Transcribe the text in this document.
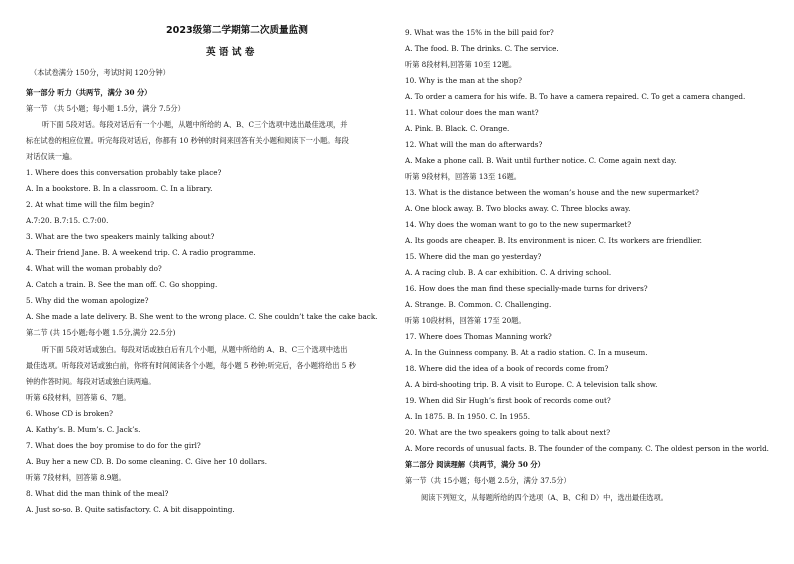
2023级第二学期第二次质量监测
英 语 试 卷
（本试卷满分 150分，考试时间 120分钟）
第一部分 听力（共两节，满分 30 分）
第一节 （共 5小题；每小题 1.5分，满分 7.5分）
听下面 5段对话。每段对话后有一个小题，从题中所给的 A、B、C三个选项中选出最佳选项，并
标在试卷的相应位置。听完每段对话后，你都有 10 秒钟的时间来回答有关小题和阅读下一小题。每段
对话仅读一遍。
1. Where does this conversation probably take place?
A. In a bookstore. B. In a classroom. C. In a library.
2. At what time will the film begin?
A.7:20. B.7:15. C.7:00.
3. What are the two speakers mainly talking about?
A. Their friend Jane. B. A weekend trip. C. A radio programme.
4. What will the woman probably do?
A. Catch a train. B. See the man off. C. Go shopping.
5. Why did the woman apologize?
A. She made a late delivery. B. She went to the wrong place. C. She couldn’t take the cake back.
第二节 (共 15小题;每小题 1.5分,满分 22.5分)
听下面 5段对话或独白。每段对话或独白后有几个小题，从题中所给的 A、B、C三个选项中选出
最佳选项。听每段对话或独白前，你将有时间阅读各个小题，每小题 5 秒钟;听完后，各小题将给出 5 秒
钟的作答时间。每段对话或独白读两遍。
听第 6段材料，回答第 6、7题。
6. Whose CD is broken?
A. Kathy’s. B. Mum’s. C. Jack’s.
7. What does the boy promise to do for the girl?
A. Buy her a new CD. B. Do some cleaning. C. Give her 10 dollars.
听第 7段材料，回答第 8.9题。
8. What did the man think of the meal?
A. Just so-so. B. Quite satisfactory. C. A bit disappointing.
9. What was the 15% in the bill paid for?
A. The food. B. The drinks. C. The service.
听第 8段材料,回答第 10至 12题。
10. Why is the man at the shop?
A. To order a camera for his wife. B. To have a camera repaired. C. To get a camera changed.
11. What colour does the man want?
A. Pink. B. Black. C. Orange.
12. What will the man do afterwards?
A. Make a phone call. B. Wait until further notice. C. Come again next day.
听第 9段材料，回答第 13至 16题。
13. What is the distance between the woman’s house and the new supermarket?
A. One block away. B. Two blocks away. C. Three blocks away.
14. Why does the woman want to go to the new supermarket?
A. Its goods are cheaper. B. Its environment is nicer. C. Its workers are friendlier.
15. Where did the man go yesterday?
A. A racing club. B. A car exhibition. C. A driving school.
16. How does the man find these specially-made turns for drivers?
A. Strange. B. Common. C. Challenging.
听第 10段材料，回答第 17至 20题。
17. Where does Thomas Manning work?
A. In the Guinness company. B. At a radio station. C. In a museum.
18. Where did the idea of a book of records come from?
A. A bird-shooting trip. B. A visit to Europe. C. A television talk show.
19. When did Sir Hugh’s first book of records come out?
A. In 1875. B. In 1950. C. In 1955.
20. What are the two speakers going to talk about next?
A. More records of unusual facts. B. The founder of the company. C. The oldest person in the world.
第二部分 阅读理解（共两节，满分 50 分）
第一节（共 15小题；每小题 2.5分，满分 37.5分）
阅读下列短文，从每题所给的四个选项（A、B、C和 D）中，选出最佳选项。
